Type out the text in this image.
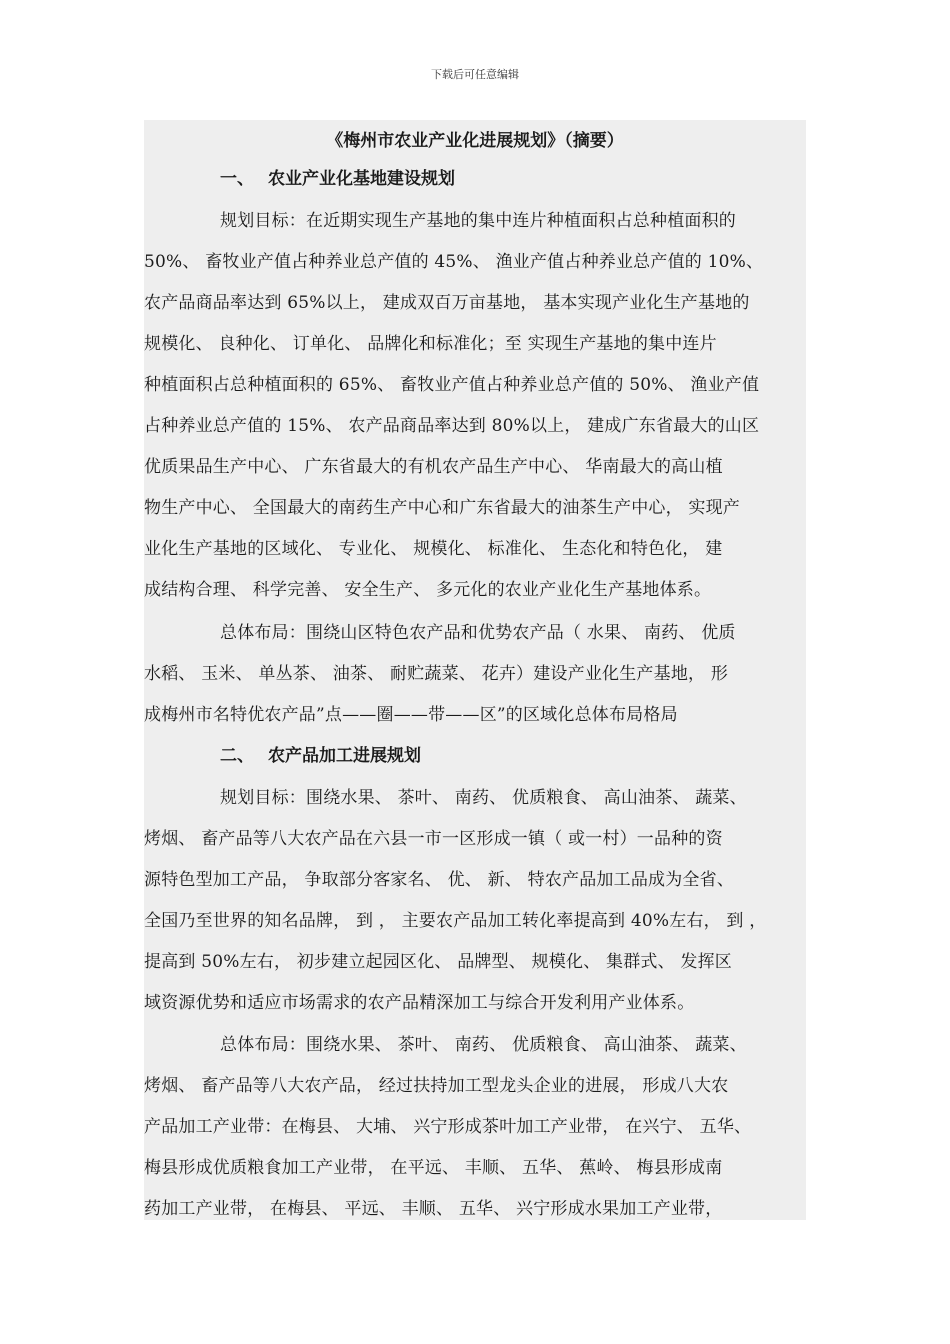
下载后可任意编辑
《梅州市农业产业化进展规划》（摘要）
一、 农业产业化基地建设规划
规划目标：在近期实现生产基地的集中连片种植面积占总种植面积的
50%、 畜牧业产值占种养业总产值的 45%、 渔业产值占种养业总产值的 10%、
农产品商品率达到 65%以上， 建成双百万亩基地， 基本实现产业化生产基地的
规模化、 良种化、 订单化、 品牌化和标准化；至 实现生产基地的集中连片
种植面积占总种植面积的 65%、 畜牧业产值占种养业总产值的 50%、 渔业产值
占种养业总产值的 15%、 农产品商品率达到 80%以上， 建成广东省最大的山区
优质果品生产中心、 广东省最大的有机农产品生产中心、 华南最大的高山植
物生产中心、 全国最大的南药生产中心和广东省最大的油茶生产中心， 实现产
业化生产基地的区域化、 专业化、 规模化、 标准化、 生态化和特色化， 建
成结构合理、 科学完善、 安全生产、 多元化的农业产业化生产基地体系。
总体布局：围绕山区特色农产品和优势农产品（ 水果、 南药、 优质
水稻、 玉米、 单丛茶、 油茶、 耐贮蔬菜、 花卉）建设产业化生产基地， 形
成梅州市名特优农产品”点——圈——带——区”的区域化总体布局格局
二、 农产品加工进展规划
规划目标：围绕水果、 茶叶、 南药、 优质粮食、 高山油茶、 蔬菜、
烤烟、 畜产品等八大农产品在六县一市一区形成一镇（ 或一村）一品种的资
源特色型加工产品， 争取部分客家名、 优、 新、 特农产品加工品成为全省、
全国乃至世界的知名品牌， 到 ， 主要农产品加工转化率提高到 40%左右， 到 ，
提高到 50%左右， 初步建立起园区化、 品牌型、 规模化、 集群式、 发挥区
域资源优势和适应市场需求的农产品精深加工与综合开发利用产业体系。
总体布局：围绕水果、 茶叶、 南药、 优质粮食、 高山油茶、 蔬菜、
烤烟、 畜产品等八大农产品， 经过扶持加工型龙头企业的进展， 形成八大农
产品加工产业带：在梅县、 大埔、 兴宁形成茶叶加工产业带， 在兴宁、 五华、
梅县形成优质粮食加工产业带， 在平远、 丰顺、 五华、 蕉岭、 梅县形成南
药加工产业带， 在梅县、 平远、 丰顺、 五华、 兴宁形成水果加工产业带，
